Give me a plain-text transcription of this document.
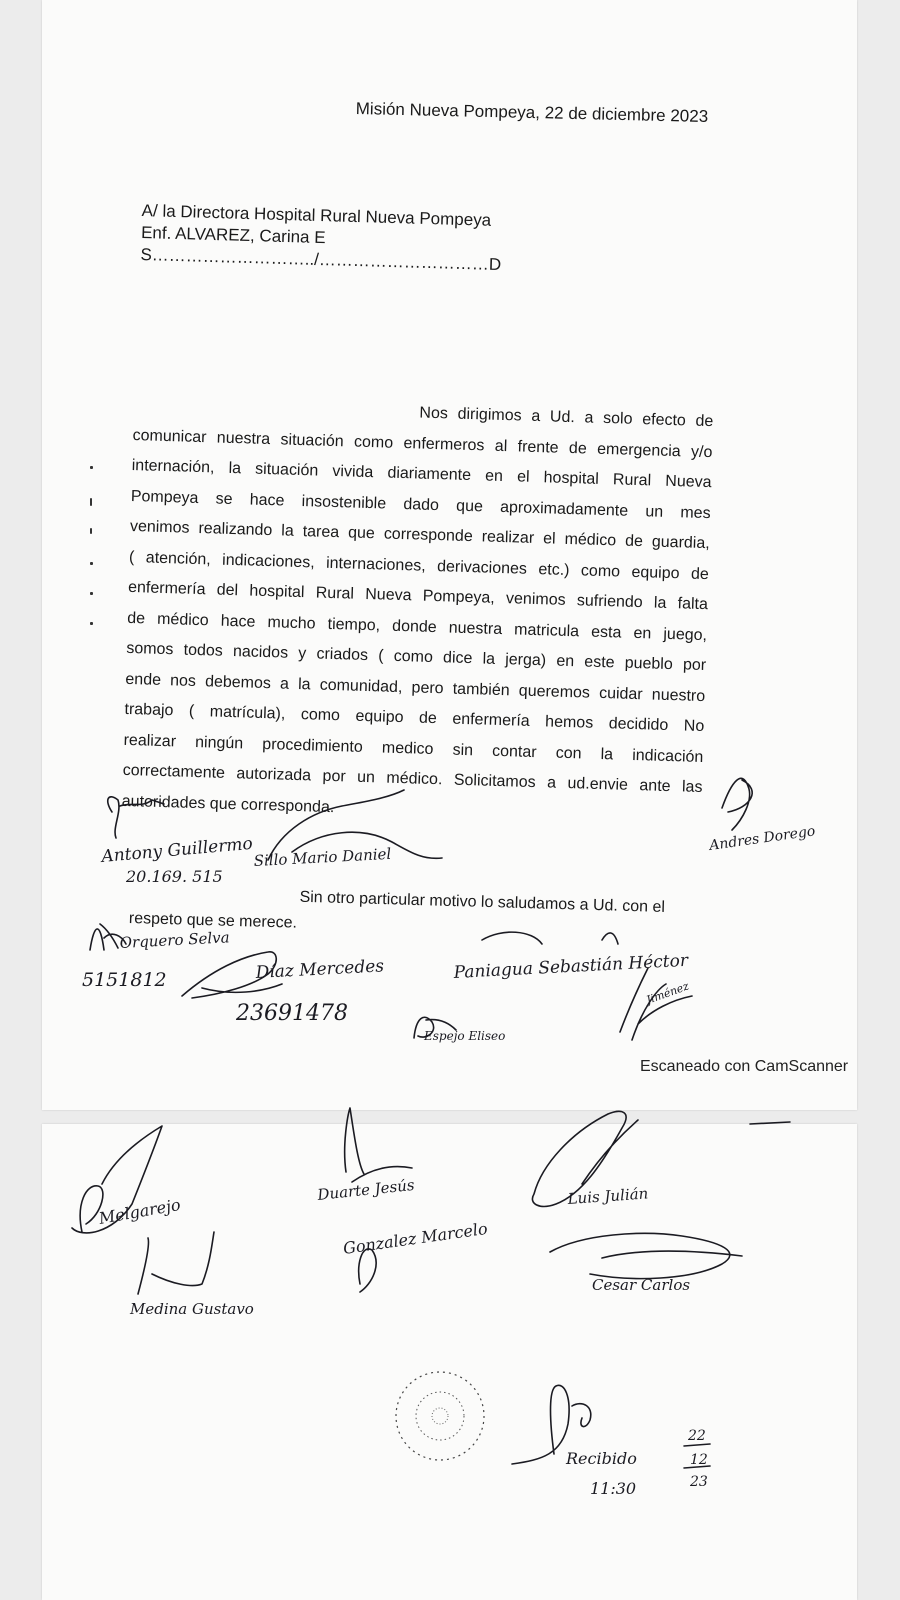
Misión Nueva Pompeya, 22 de diciembre 2023
A/ la Directora Hospital Rural Nueva Pompeya
Enf. ALVAREZ, Carina E
S………………………../…………………………D
Nos dirigimos a Ud. a solo efecto de
comunicar nuestra situación como enfermeros al frente de emergencia y/o
internación, la situación vivida diariamente en el hospital Rural Nueva
Pompeya se hace insostenible dado que aproximadamente un mes
venimos realizando la tarea que corresponde realizar el médico de guardia,
( atención, indicaciones, internaciones, derivaciones etc.) como equipo de
enfermería del hospital Rural Nueva Pompeya, venimos sufriendo la falta
de médico hace mucho tiempo, donde nuestra matricula esta en juego,
somos todos nacidos y criados ( como dice la jerga) en este pueblo por
ende nos debemos a la comunidad, pero también queremos cuidar nuestro
trabajo ( matrícula), como equipo de enfermería hemos decidido No
realizar ningún procedimiento medico sin contar con la indicación
correctamente autorizada por un médico. Solicitamos a ud.envie ante las
autoridades que corresponda.
Sin otro particular motivo lo saludamos a Ud. con el
respeto que se merece.
Antony Guillermo
20.169. 515
Sillo Mario Daniel
Andres Dorego
Orquero Selva
5151812	Díaz Mercedes
23691478
Paniagua Sebastián Héctor
Espejo Eliseo
Jiménez
Escaneado con CamScanner
Melgarejo
Medina Gustavo
Duarte Jesús
Gonzalez Marcelo
Luis Julián
Cesar Carlos
Recibido
22
12
23
11:30
